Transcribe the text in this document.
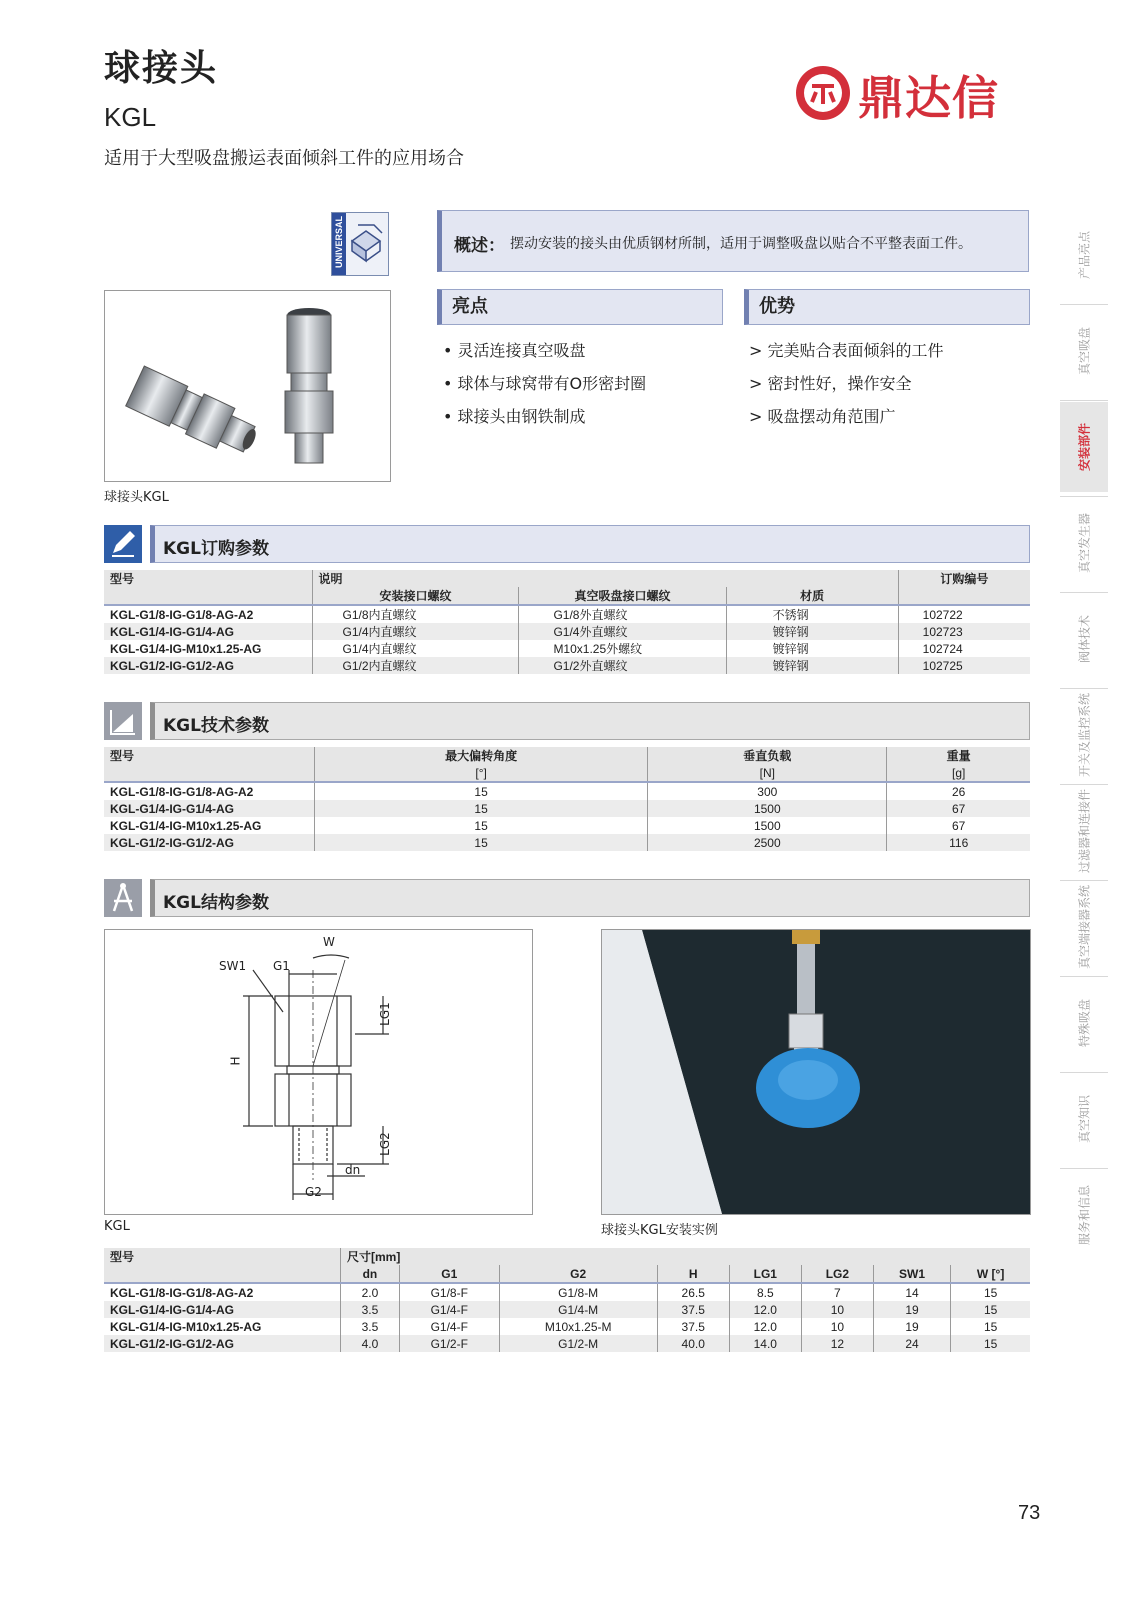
球接头
KGL
适用于大型吸盘搬运表面倾斜工件的应用场合
鼎达信
UNIVERSAL
球接头KGL
概述： 摆动安装的接头由优质钢材所制，适用于调整吸盘以贴合不平整表面工件。
亮点	优势
• 灵活连接真空吸盘
• 球体与球窝带有O形密封圈
• 球接头由钢铁制成
> 完美贴合表面倾斜的工件
> 密封性好，操作安全
> 吸盘摆动角范围广
KGL订购参数
型号	说明			订购编号
	安装接口螺纹	真空吸盘接口螺纹	材质	
KGL-G1/8-IG-G1/8-AG-A2	G1/8内直螺纹	G1/8外直螺纹	不锈钢	102722
KGL-G1/4-IG-G1/4-AG	G1/4内直螺纹	G1/4外直螺纹	镀锌钢	102723
KGL-G1/4-IG-M10x1.25-AG	G1/4内直螺纹	M10x1.25外螺纹	镀锌钢	102724
KGL-G1/2-IG-G1/2-AG	G1/2内直螺纹	G1/2外直螺纹	镀锌钢	102725
KGL技术参数
型号	最大偏转角度	垂直负载	重量
	[°]	[N]	[g]
KGL-G1/8-IG-G1/8-AG-A2	15	300	26
KGL-G1/4-IG-G1/4-AG	15	1500	67
KGL-G1/4-IG-M10x1.25-AG	15	1500	67
KGL-G1/2-IG-G1/2-AG	15	2500	116
KGL结构参数
SW1 G1
W
LG1
H
LG2
dn
G2
KGL	球接头KGL安装实例
型号	尺寸[mm]							
	dn	G1	G2	H	LG1	LG2	SW1	W [°]
KGL-G1/8-IG-G1/8-AG-A2	2.0	G1/8-F	G1/8-M	26.5	8.5	7	14	15
KGL-G1/4-IG-G1/4-AG	3.5	G1/4-F	G1/4-M	37.5	12.0	10	19	15
KGL-G1/4-IG-M10x1.25-AG	3.5	G1/4-F	M10x1.25-M	37.5	12.0	10	19	15
KGL-G1/2-IG-G1/2-AG	4.0	G1/2-F	G1/2-M	40.0	14.0	12	24	15
产品亮点
真空吸盘
安装部件
真空发生器
阀体技术
开关及监控系统
过滤器和连接件
真空端接器系统
特殊吸盘
真空知识
服务和信息
73
